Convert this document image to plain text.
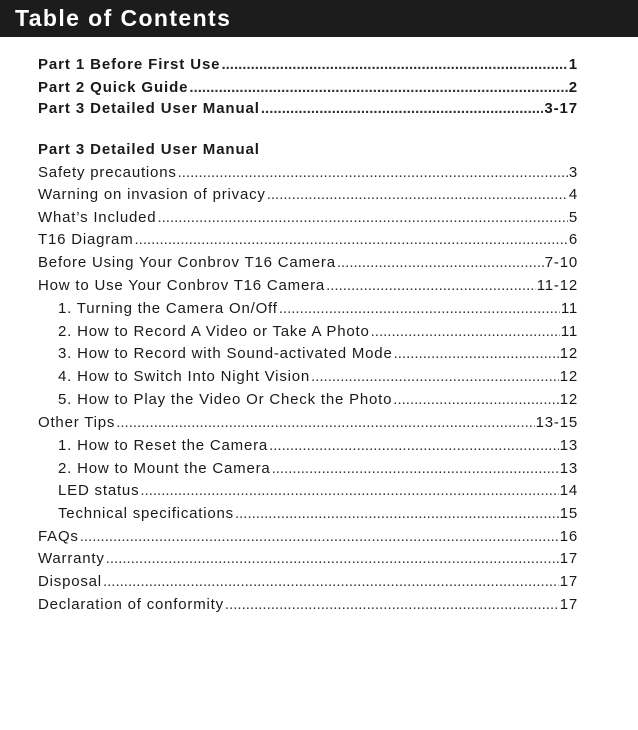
Table of Contents
Part 1 Before First Use .....	1
Part 2 Quick Guide .....	2
Part 3 Detailed User Manual .....	3-17
Part 3 Detailed User Manual
Safety precautions .....	3
Warning on invasion of privacy .....	4
What’s Included .....	5
T16 Diagram .....	6
Before Using Your Conbrov T16 Camera .....	7-10
How to Use Your Conbrov T16 Camera .....	11-12
1. Turning the Camera On/Off .....	11
2. How to Record A Video or Take A Photo .....	11
3. How to Record with Sound-activated Mode .....	12
4. How to Switch Into Night Vision .....	12
5. How to Play the Video Or Check the Photo .....	12
Other Tips .....	13-15
1. How to Reset the Camera .....	13
2. How to Mount the Camera .....	13
LED status .....	14
Technical specifications .....	15
FAQs .....	16
Warranty .....	17
Disposal .....	17
Declaration of conformity .....	17
